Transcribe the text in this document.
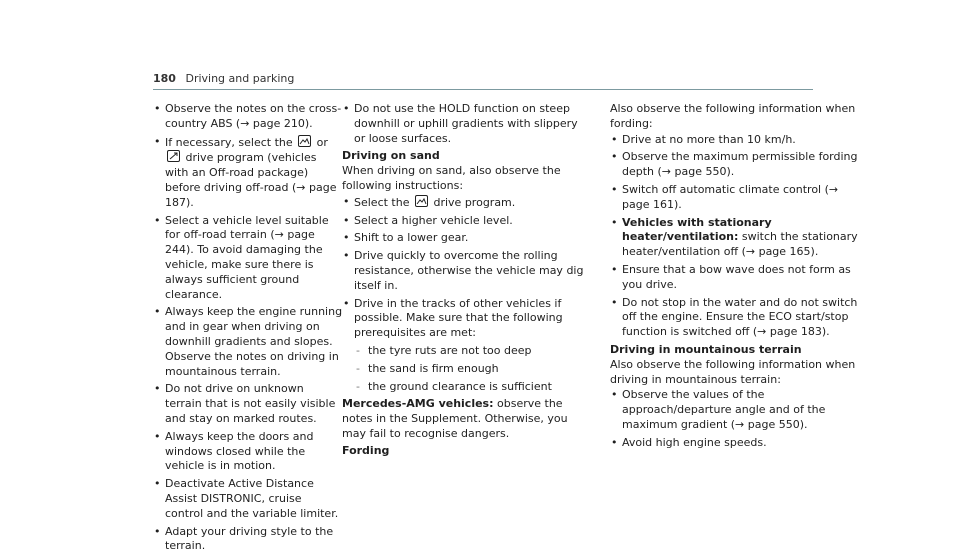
180 Driving and parking
• Observe the notes on the cross-country ABS (→ page 210).
• If necessary, select the or
drive program (vehicles with an Off-road package) before driving off-road (→ page 187).
• Select a vehicle level suitable for off-road terrain (→ page 244). To avoid damaging the vehicle, make sure there is always sufficient ground clearance.
• Always keep the engine running and in gear when driving on downhill gradients and slopes. Observe the notes on driving in mountainous terrain.
• Do not drive on unknown terrain that is not easily visible and stay on marked routes.
• Always keep the doors and windows closed while the vehicle is in motion.
• Deactivate Active Distance Assist DISTRONIC, cruise control and the variable limiter.
• Adapt your driving style to the terrain.
• Do not use the HOLD function on steep downhill or uphill gradients with slippery or loose surfaces.
Driving on sand
When driving on sand, also observe the following instructions:
• Select the drive program.
• Select a higher vehicle level.
• Shift to a lower gear.
• Drive quickly to overcome the rolling resistance, otherwise the vehicle may dig itself in.
• Drive in the tracks of other vehicles if possible. Make sure that the following prerequisites are met:
- the tyre ruts are not too deep
- the sand is firm enough
- the ground clearance is sufficient
Mercedes-AMG vehicles: observe the notes in the Supplement. Otherwise, you may fail to recognise dangers.
Fording
Also observe the following information when fording:
• Drive at no more than 10 km/h.
• Observe the maximum permissible fording depth (→ page 550).
• Switch off automatic climate control (→ page 161).
• Vehicles with stationary heater/ventilation: switch the stationary heater/ventilation off (→ page 165).
• Ensure that a bow wave does not form as you drive.
• Do not stop in the water and do not switch off the engine. Ensure the ECO start/stop function is switched off (→ page 183).
Driving in mountainous terrain
Also observe the following information when driving in mountainous terrain:
• Observe the values of the approach/departure angle and of the maximum gradient (→ page 550).
• Avoid high engine speeds.
